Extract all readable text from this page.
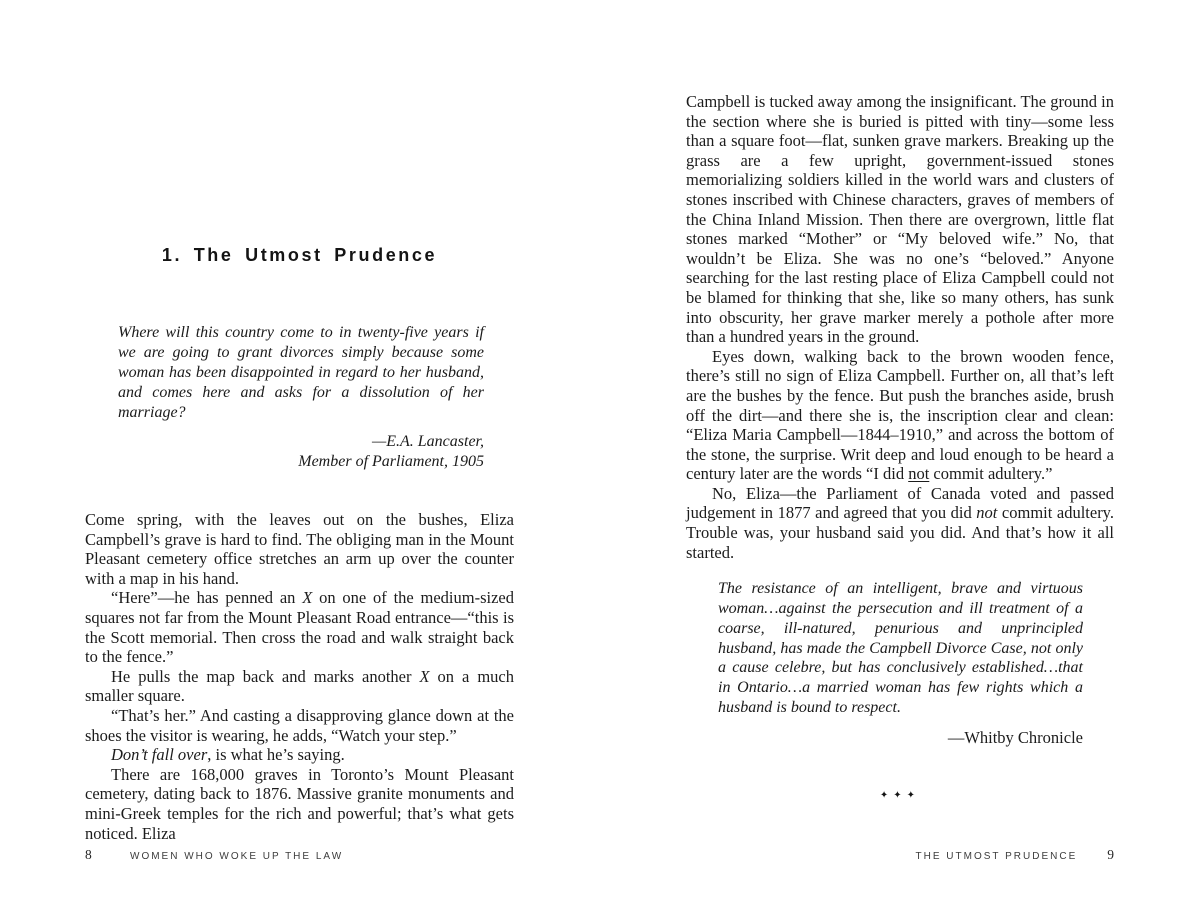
1. The Utmost Prudence
Where will this country come to in twenty-five years if we are going to grant divorces simply because some woman has been disappointed in regard to her husband, and comes here and asks for a dissolution of her marriage?
—E.A. Lancaster,
Member of Parliament, 1905

Come spring, with the leaves out on the bushes, Eliza Campbell’s grave is hard to find. The obliging man in the Mount Pleasant cemetery office stretches an arm up over the counter with a map in his hand.

“Here”—he has penned an X on one of the medium-sized squares not far from the Mount Pleasant Road entrance—“this is the Scott memorial. Then cross the road and walk straight back to the fence.”

He pulls the map back and marks another X on a much smaller square.

“That’s her.” And casting a disapproving glance down at the shoes the visitor is wearing, he adds, “Watch your step.”

Don’t fall over, is what he’s saying.

There are 168,000 graves in Toronto’s Mount Pleasant cemetery, dating back to 1876. Massive granite monuments and mini-Greek temples for the rich and powerful; that’s what gets noticed. Eliza

Campbell is tucked away among the insignificant. The ground in the section where she is buried is pitted with tiny—some less than a square foot—flat, sunken grave markers. Breaking up the grass are a few upright, government-issued stones memorializing soldiers killed in the world wars and clusters of stones inscribed with Chinese characters, graves of members of the China Inland Mission. Then there are overgrown, little flat stones marked “Mother” or “My beloved wife.” No, that wouldn’t be Eliza. She was no one’s “beloved.” Anyone searching for the last resting place of Eliza Campbell could not be blamed for thinking that she, like so many others, has sunk into obscurity, her grave marker merely a pothole after more than a hundred years in the ground.

Eyes down, walking back to the brown wooden fence, there’s still no sign of Eliza Campbell. Further on, all that’s left are the bushes by the fence. But push the branches aside, brush off the dirt—and there she is, the inscription clear and clean: “Eliza Maria Campbell—1844–1910,” and across the bottom of the stone, the surprise. Writ deep and loud enough to be heard a century later are the words “I did not commit adultery.”

No, Eliza—the Parliament of Canada voted and passed judgement in 1877 and agreed that you did not commit adultery. Trouble was, your husband said you did. And that’s how it all started.

The resistance of an intelligent, brave and virtuous woman…against the persecution and ill treatment of a coarse, ill-natured, penurious and unprincipled husband, has made the Campbell Divorce Case, not only a cause celebre, but has conclusively established…that in Ontario…a married woman has few rights which a husband is bound to respect.
—Whitby Chronicle
✦✦✦
8	WOMEN WHO WOKE UP THE LAW	THE UTMOST PRUDENCE 9
